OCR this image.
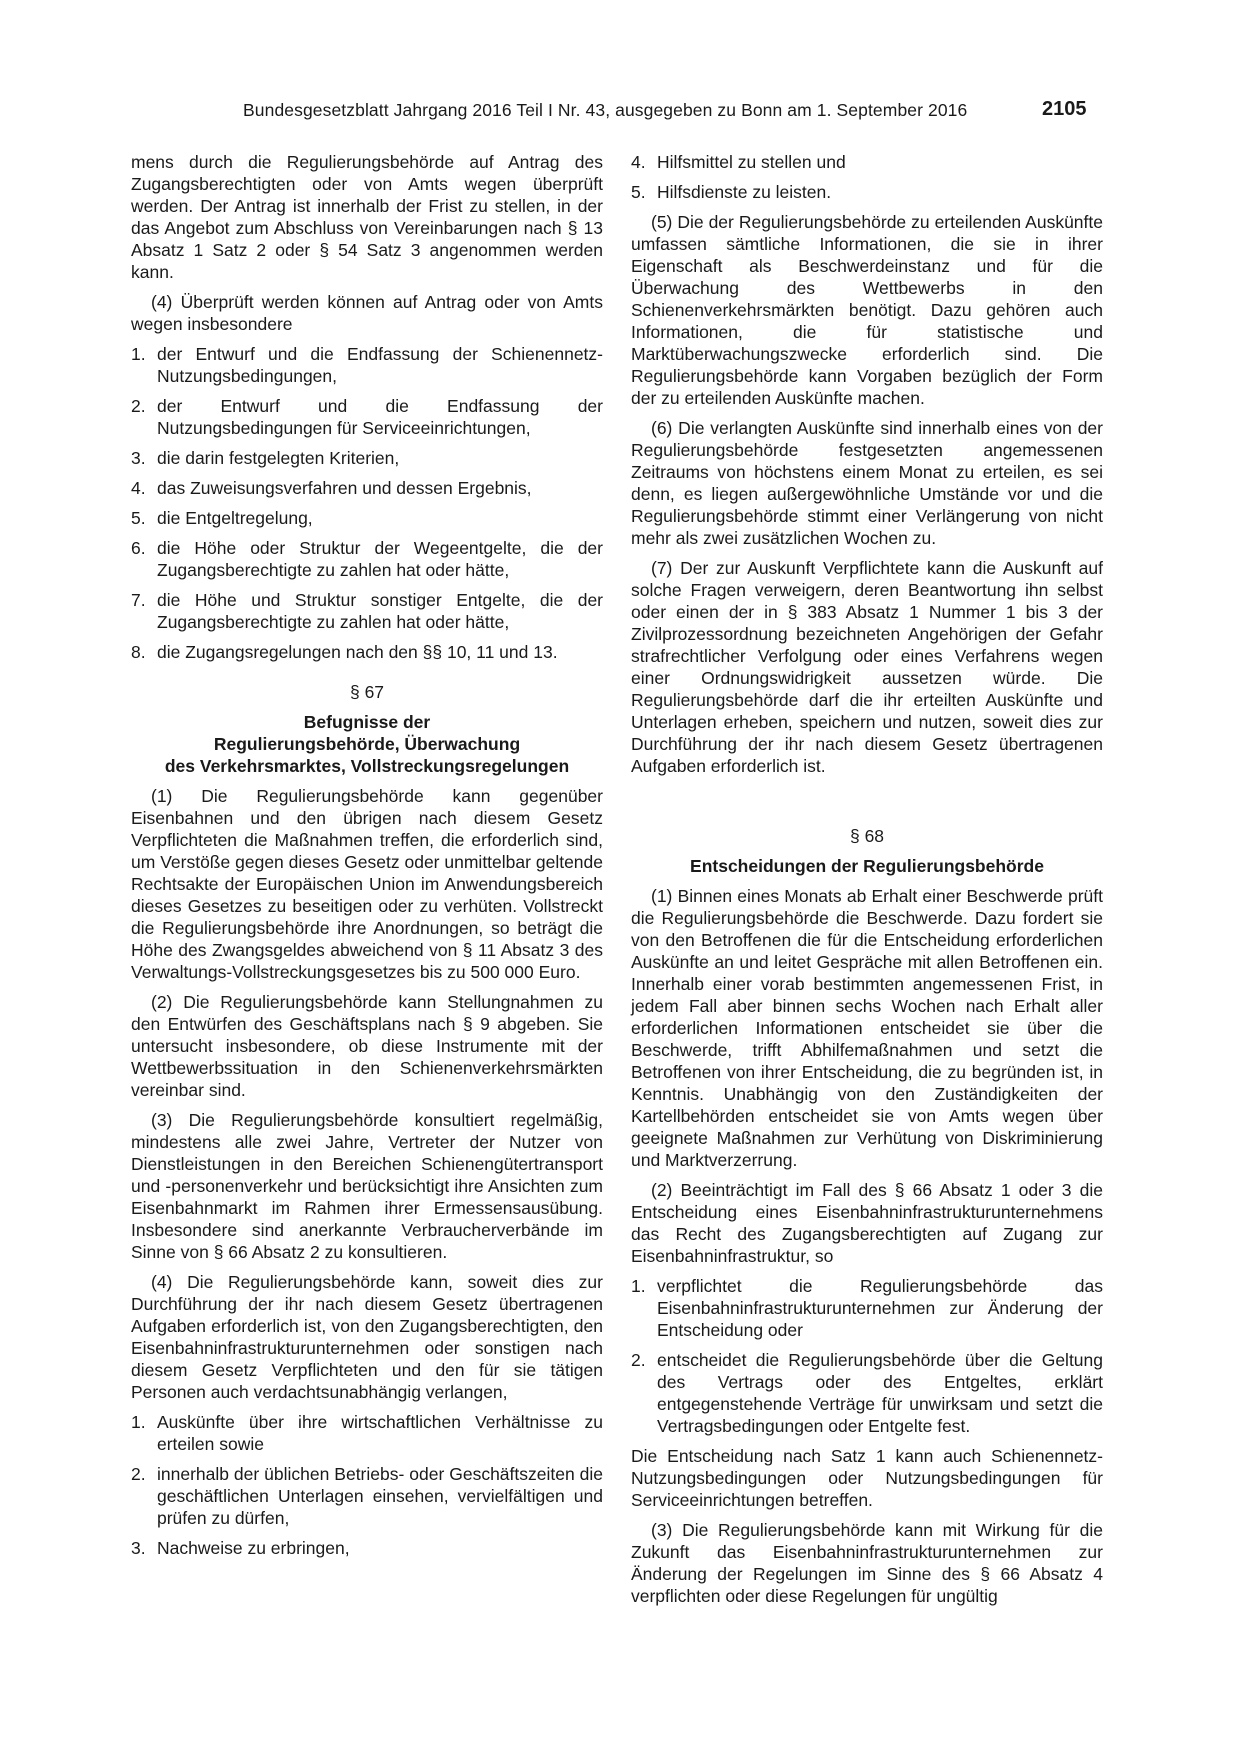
Bundesgesetzblatt Jahrgang 2016 Teil I Nr. 43, ausgegeben zu Bonn am 1. September 2016	2105

mens durch die Regulierungsbehörde auf Antrag des Zugangsberechtigten oder von Amts wegen überprüft werden. Der Antrag ist innerhalb der Frist zu stellen, in der das Angebot zum Abschluss von Vereinbarungen nach § 13 Absatz 1 Satz 2 oder § 54 Satz 3 angenommen werden kann.

(4) Überprüft werden können auf Antrag oder von Amts wegen insbesondere

1. der Entwurf und die Endfassung der Schienennetz-Nutzungsbedingungen,
2. der Entwurf und die Endfassung der Nutzungsbedingungen für Serviceeinrichtungen,
3. die darin festgelegten Kriterien,
4. das Zuweisungsverfahren und dessen Ergebnis,
5. die Entgeltregelung,
6. die Höhe oder Struktur der Wegeentgelte, die der Zugangsberechtigte zu zahlen hat oder hätte,
7. die Höhe und Struktur sonstiger Entgelte, die der Zugangsberechtigte zu zahlen hat oder hätte,
8. die Zugangsregelungen nach den §§ 10, 11 und 13.
§ 67
Befugnisse der
Regulierungsbehörde, Überwachung
des Verkehrsmarktes, Vollstreckungsregelungen

(1) Die Regulierungsbehörde kann gegenüber Eisenbahnen und den übrigen nach diesem Gesetz Verpflichteten die Maßnahmen treffen, die erforderlich sind, um Verstöße gegen dieses Gesetz oder unmittelbar geltende Rechtsakte der Europäischen Union im Anwendungsbereich dieses Gesetzes zu beseitigen oder zu verhüten. Vollstreckt die Regulierungsbehörde ihre Anordnungen, so beträgt die Höhe des Zwangsgeldes abweichend von § 11 Absatz 3 des Verwaltungs-Vollstreckungsgesetzes bis zu 500 000 Euro.

(2) Die Regulierungsbehörde kann Stellungnahmen zu den Entwürfen des Geschäftsplans nach § 9 abgeben. Sie untersucht insbesondere, ob diese Instrumente mit der Wettbewerbssituation in den Schienenverkehrsmärkten vereinbar sind.

(3) Die Regulierungsbehörde konsultiert regelmäßig, mindestens alle zwei Jahre, Vertreter der Nutzer von Dienstleistungen in den Bereichen Schienengütertransport und -personenverkehr und berücksichtigt ihre Ansichten zum Eisenbahnmarkt im Rahmen ihrer Ermessensausübung. Insbesondere sind anerkannte Verbraucherverbände im Sinne von § 66 Absatz 2 zu konsultieren.

(4) Die Regulierungsbehörde kann, soweit dies zur Durchführung der ihr nach diesem Gesetz übertragenen Aufgaben erforderlich ist, von den Zugangsberechtigten, den Eisenbahninfrastrukturunternehmen oder sonstigen nach diesem Gesetz Verpflichteten und den für sie tätigen Personen auch verdachtsunabhängig verlangen,

1. Auskünfte über ihre wirtschaftlichen Verhältnisse zu erteilen sowie
2. innerhalb der üblichen Betriebs- oder Geschäftszeiten die geschäftlichen Unterlagen einsehen, vervielfältigen und prüfen zu dürfen,
3. Nachweise zu erbringen,
4. Hilfsmittel zu stellen und
5. Hilfsdienste zu leisten.

(5) Die der Regulierungsbehörde zu erteilenden Auskünfte umfassen sämtliche Informationen, die sie in ihrer Eigenschaft als Beschwerdeinstanz und für die Überwachung des Wettbewerbs in den Schienenverkehrsmärkten benötigt. Dazu gehören auch Informationen, die für statistische und Marktüberwachungszwecke erforderlich sind. Die Regulierungsbehörde kann Vorgaben bezüglich der Form der zu erteilenden Auskünfte machen.

(6) Die verlangten Auskünfte sind innerhalb eines von der Regulierungsbehörde festgesetzten angemessenen Zeitraums von höchstens einem Monat zu erteilen, es sei denn, es liegen außergewöhnliche Umstände vor und die Regulierungsbehörde stimmt einer Verlängerung von nicht mehr als zwei zusätzlichen Wochen zu.

(7) Der zur Auskunft Verpflichtete kann die Auskunft auf solche Fragen verweigern, deren Beantwortung ihn selbst oder einen der in § 383 Absatz 1 Nummer 1 bis 3 der Zivilprozessordnung bezeichneten Angehörigen der Gefahr strafrechtlicher Verfolgung oder eines Verfahrens wegen einer Ordnungswidrigkeit aussetzen würde. Die Regulierungsbehörde darf die ihr erteilten Auskünfte und Unterlagen erheben, speichern und nutzen, soweit dies zur Durchführung der ihr nach diesem Gesetz übertragenen Aufgaben erforderlich ist.

§ 68
Entscheidungen der Regulierungsbehörde

(1) Binnen eines Monats ab Erhalt einer Beschwerde prüft die Regulierungsbehörde die Beschwerde. Dazu fordert sie von den Betroffenen die für die Entscheidung erforderlichen Auskünfte an und leitet Gespräche mit allen Betroffenen ein. Innerhalb einer vorab bestimmten angemessenen Frist, in jedem Fall aber binnen sechs Wochen nach Erhalt aller erforderlichen Informationen entscheidet sie über die Beschwerde, trifft Abhilfemaßnahmen und setzt die Betroffenen von ihrer Entscheidung, die zu begründen ist, in Kenntnis. Unabhängig von den Zuständigkeiten der Kartellbehörden entscheidet sie von Amts wegen über geeignete Maßnahmen zur Verhütung von Diskriminierung und Marktverzerrung.

(2) Beeinträchtigt im Fall des § 66 Absatz 1 oder 3 die Entscheidung eines Eisenbahninfrastrukturunternehmens das Recht des Zugangsberechtigten auf Zugang zur Eisenbahninfrastruktur, so

1. verpflichtet die Regulierungsbehörde das Eisenbahninfrastrukturunternehmen zur Änderung der Entscheidung oder
2. entscheidet die Regulierungsbehörde über die Geltung des Vertrags oder des Entgeltes, erklärt entgegenstehende Verträge für unwirksam und setzt die Vertragsbedingungen oder Entgelte fest.

Die Entscheidung nach Satz 1 kann auch Schienennetz-Nutzungsbedingungen oder Nutzungsbedingungen für Serviceeinrichtungen betreffen.

(3) Die Regulierungsbehörde kann mit Wirkung für die Zukunft das Eisenbahninfrastrukturunternehmen zur Änderung der Regelungen im Sinne des § 66 Absatz 4 verpflichten oder diese Regelungen für ungültig
